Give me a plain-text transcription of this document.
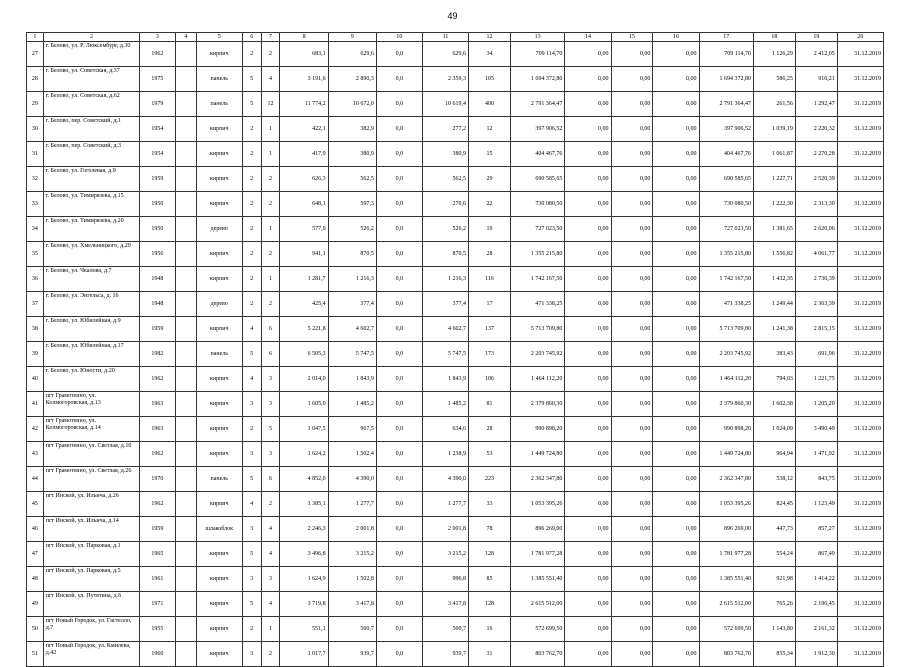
49
1	2	3	4	5	6	7	8	9	10	11	12	13	14	15	16	17	18	19	20
27	г. Белово, ул. Р. Люксембург, д.30	1962		кирпич	2	2	683,1	629,6	0,0	629,6	34	709 114,70	0,00	0,00	0,00	709 114,70	1 126,29	2 412,05	31.12.2019
28	г. Белово, ул. Советская, д.37	1975		панель	5	4	3 191,6	2 890,3	0,0	2 359,3	105	1 694 372,80	0,00	0,00	0,00	1 694 372,80	586,25	916,21	31.12.2019
29	г. Белово, ул. Советская, д.62	1979		панель	5	12	11 774,2	10 672,0	0,0	10 619,4	400	2 791 364,47	0,00	0,00	0,00	2 791 364,47	261,56	1 292,47	31.12.2019
30	г. Белово, пер. Советский, д.1	1954		кирпич	2	1	422,1	382,9	0,0	277,2	12	397 906,52	0,00	0,00	0,00	397 906,52	1 039,19	2 220,32	31.12.2019
31	г. Белово, пер. Советский, д.3	1954		кирпич	2	1	417,9	380,9	0,0	380,9	15	404 467,76	0,00	0,00	0,00	404 467,76	1 061,87	2 270,28	31.12.2019
32	г. Белово, ул. Гоголевая, д.9	1959		кирпич	2	2	626,3	562,5	0,0	562,5	29	690 585,65	0,00	0,00	0,00	690 585,65	1 227,71	2 520,39	31.12.2019
33	г. Белово, ул. Тимирязева, д.15	1950		кирпич	2	2	648,1	597,3	0,0	270,6	22	730 080,50	0,00	0,00	0,00	730 080,50	1 222,30	2 313,30	31.12.2019
34	г. Белово, ул. Тимирязева, д.20	1950		дерево	2	1	577,0	526,2	0,0	526,2	19	727 023,50	0,00	0,00	0,00	727 023,50	1 381,65	2 620,06	31.12.2019
35	г. Белово, ул. Хмельницкого, д.29	1956		кирпич	2	2	941,1	870,5	0,0	870,5	28	1 355 215,80	0,00	0,00	0,00	1 355 215,80	1 556,82	4 061,77	31.12.2019
36	г. Белово, ул. Чкалова, д.7	1948		кирпич	2	1	1 281,7	1 216,3	0,0	1 216,3	116	1 742 167,50	0,00	0,00	0,00	1 742 167,50	1 432,35	2 736,39	31.12.2019
37	г. Белово, ул. Энгельса, д. 16	1948		дерево	2	2	425,4	377,4	0,0	377,4	17	471 338,25	0,00	0,00	0,00	471 338,25	1 249,44	2 363,39	31.12.2019
38	г. Белово, ул. Юбилейная, д.9	1959		кирпич	4	6	5 221,8	4 602,7	0,0	4 602,7	137	5 713 709,80	0,00	0,00	0,00	5 713 709,80	1 241,38	2 815,15	31.12.2019
39	г. Белово, ул. Юбилейная, д.17	1982		панель	5	6	6 505,3	5 747,5	0,0	5 747,5	173	2 203 745,92	0,00	0,00	0,00	2 203 745,92	383,43	691,96	31.12.2019
40	г. Белово, ул. Юности, д.20	1962		кирпич	4	3	2 014,0	1 843,9	0,0	1 843,9	106	1 464 112,20	0,00	0,00	0,00	1 464 112,20	794,03	1 221,75	31.12.2019
41	пгт Грамотеино, ул. Колмогоровская, д.13	1963		кирпич	3	3	1 605,0	1 485,2	0,0	1 485,2	81	2 379 860,30	0,00	0,00	0,00	2 379 860,30	1 602,38	1 205,20	31.12.2019
42	пгт Грамотеино, ул. Колмогоровская, д.14	1963		кирпич	2	5	1 047,5	967,5	0,0	634,6	28	990 898,20	0,00	0,00	0,00	990 898,20	1 024,09	3 490,49	31.12.2019
43	пгт Грамотеино, ул. Светлая, д.10	1962		кирпич	3	3	1 624,2	1 502,4	0,0	1 238,9	53	1 449 724,80	0,00	0,00	0,00	1 449 724,80	964,94	1 471,92	31.12.2019
44	пгт Грамотеино, ул. Светлая, д.26	1970		панель	5	6	4 852,0	4 390,0	0,0	4 390,0	223	2 362 347,80	0,00	0,00	0,00	2 362 347,80	538,12	843,75	31.12.2019
45	пгт Инской, ул. Ильича, д.26	1962		кирпич	4	2	1 385,1	1 277,7	0,0	1 277,7	33	1 053 395,26	0,00	0,00	0,00	1 053 395,26	824,45	1 123,49	31.12.2019
46	пгт Инской, ул. Ильича, д.14	1959		шлакоблок	3	4	2 246,3	2 001,8	0,0	2 001,8	78	896 269,00	0,00	0,00	0,00	896 269,00	447,73	857,27	31.12.2019
47	пгт Инской, ул. Парковая, д.1	1965		кирпич	5	4	3 496,8	3 215,2	0,0	3 215,2	128	1 781 977,28	0,00	0,00	0,00	1 781 977,28	554,24	867,49	31.12.2019
48	пгт Инской, ул. Парковая, д.5	1961		кирпич	3	3	1 624,9	1 502,8	0,0	996,8	85	1 385 551,40	0,00	0,00	0,00	1 385 551,40	921,98	1 414,22	31.12.2019
49	пгт Инской, ул. Путятина, д.6	1971		кирпич	5	4	3 719,8	3 417,8	0,0	3 417,8	128	2 615 512,00	0,00	0,00	0,00	2 615 512,00	765,26	2 196,45	31.12.2019
50	пгт Новый Городок, ул. Гастелло, д.7	1955		кирпич	2	1	551,1	500,7	0,0	500,7	16	572 699,50	0,00	0,00	0,00	572 699,50	1 143,80	2 161,32	31.12.2019
51	пгт Новый Городок, ул. Кмилева, д.42	1960		кирпич	3	2	1 017,7	939,7	0,0	939,7	31	803 762,70	0,00	0,00	0,00	803 762,70	855,34	1 912,30	31.12.2019
